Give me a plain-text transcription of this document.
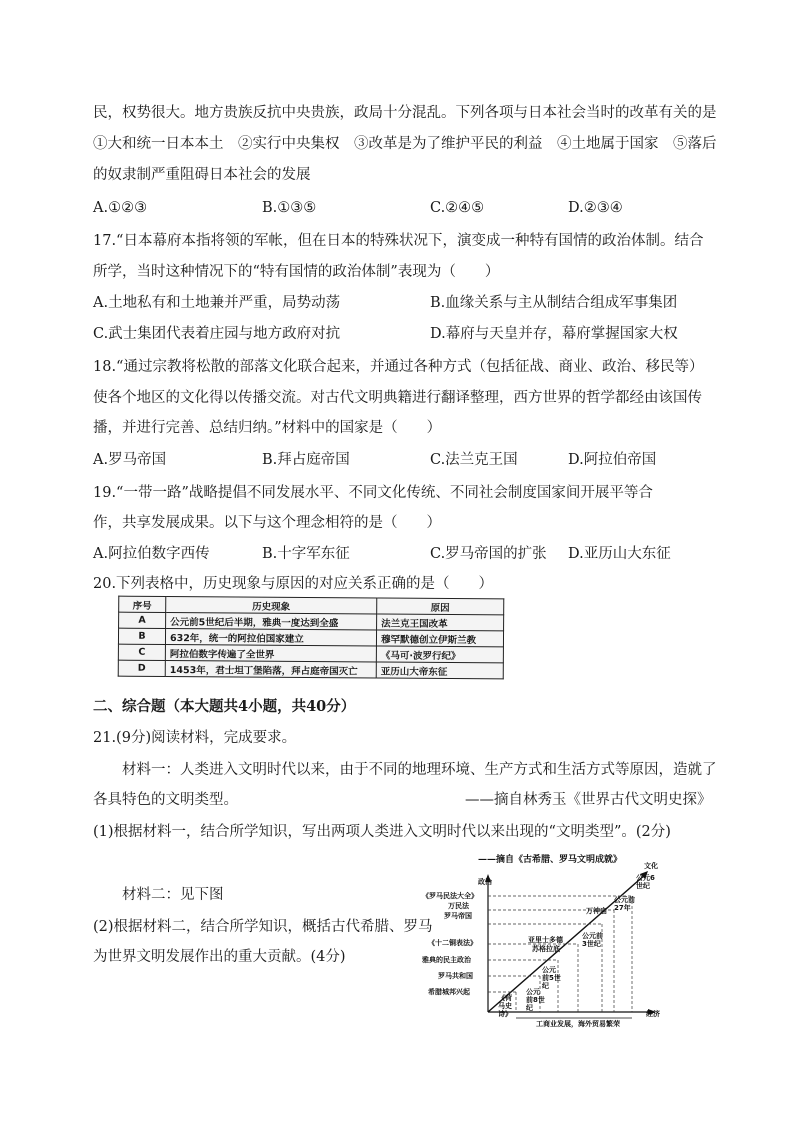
民，权势很大。地方贵族反抗中央贵族，政局十分混乱。下列各项与日本社会当时的改革有关的是
①大和统一日本本土　②实行中央集权　③改革是为了维护平民的利益　④土地属于国家　⑤落后
的奴隶制严重阻碍日本社会的发展
A.①②③	B.①③⑤	C.②④⑤	D.②③④
17.“日本幕府本指将领的军帐，但在日本的特殊状况下，演变成一种特有国情的政治体制。结合
所学，当时这种情况下的“特有国情的政治体制”表现为（　　）
A.土地私有和土地兼并严重，局势动荡	B.血缘关系与主从制结合组成军事集团
C.武士集团代表着庄园与地方政府对抗	D.幕府与天皇并存，幕府掌握国家大权
18.“通过宗教将松散的部落文化联合起来，并通过各种方式（包括征战、商业、政治、移民等）
使各个地区的文化得以传播交流。对古代文明典籍进行翻译整理，西方世界的哲学都经由该国传
播，并进行完善、总结归纳。”材料中的国家是（　　）
A.罗马帝国	B.拜占庭帝国	C.法兰克王国	D.阿拉伯帝国
19.“一带一路”战略提倡不同发展水平、不同文化传统、不同社会制度国家间开展平等合
作，共享发展成果。以下与这个理念相符的是（　　）
A.阿拉伯数字西传	B.十字军东征	C.罗马帝国的扩张 D.亚历山大东征
20.下列表格中，历史现象与原因的对应关系正确的是（　　）
序号	历史现象	原因
A	公元前5世纪后半期，雅典一度达到全盛	法兰克王国改革
B	632年，统一的阿拉伯国家建立	穆罕默德创立伊斯兰教
C	阿拉伯数字传遍了全世界	《马可·波罗行纪》
D	1453年，君士坦丁堡陷落，拜占庭帝国灭亡	亚历山大帝东征
二、综合题（本大题共4小题，共40分）
21.(9分)阅读材料，完成要求。
材料一：人类进入文明时代以来，由于不同的地理环境、生产方式和生活方式等原因，造就了
各具特色的文明类型。	——摘自林秀玉《世界古代文明史探》
(1)根据材料一，结合所学知识，写出两项人类进入文明时代以来出现的“文明类型”。(2分)
材料二：见下图
(2)根据材料二，结合所学知识，概括古代希腊、罗马
为世界文明发展作出的重大贡献。(4分)
——摘自《古希腊、罗马文明成就》
政治
文化
经济
工商业发展，海外贸易繁荣
《罗马民法大全》
万民法
罗马帝国
《十二铜表法》
雅典的民主政治
罗马共和国
希腊城邦兴起	公元前8世纪
公元前5世纪
公元前3世纪
公元前27年
公元6世纪
《荷马史诗》
亚里士多德
苏格拉底
万神庙
